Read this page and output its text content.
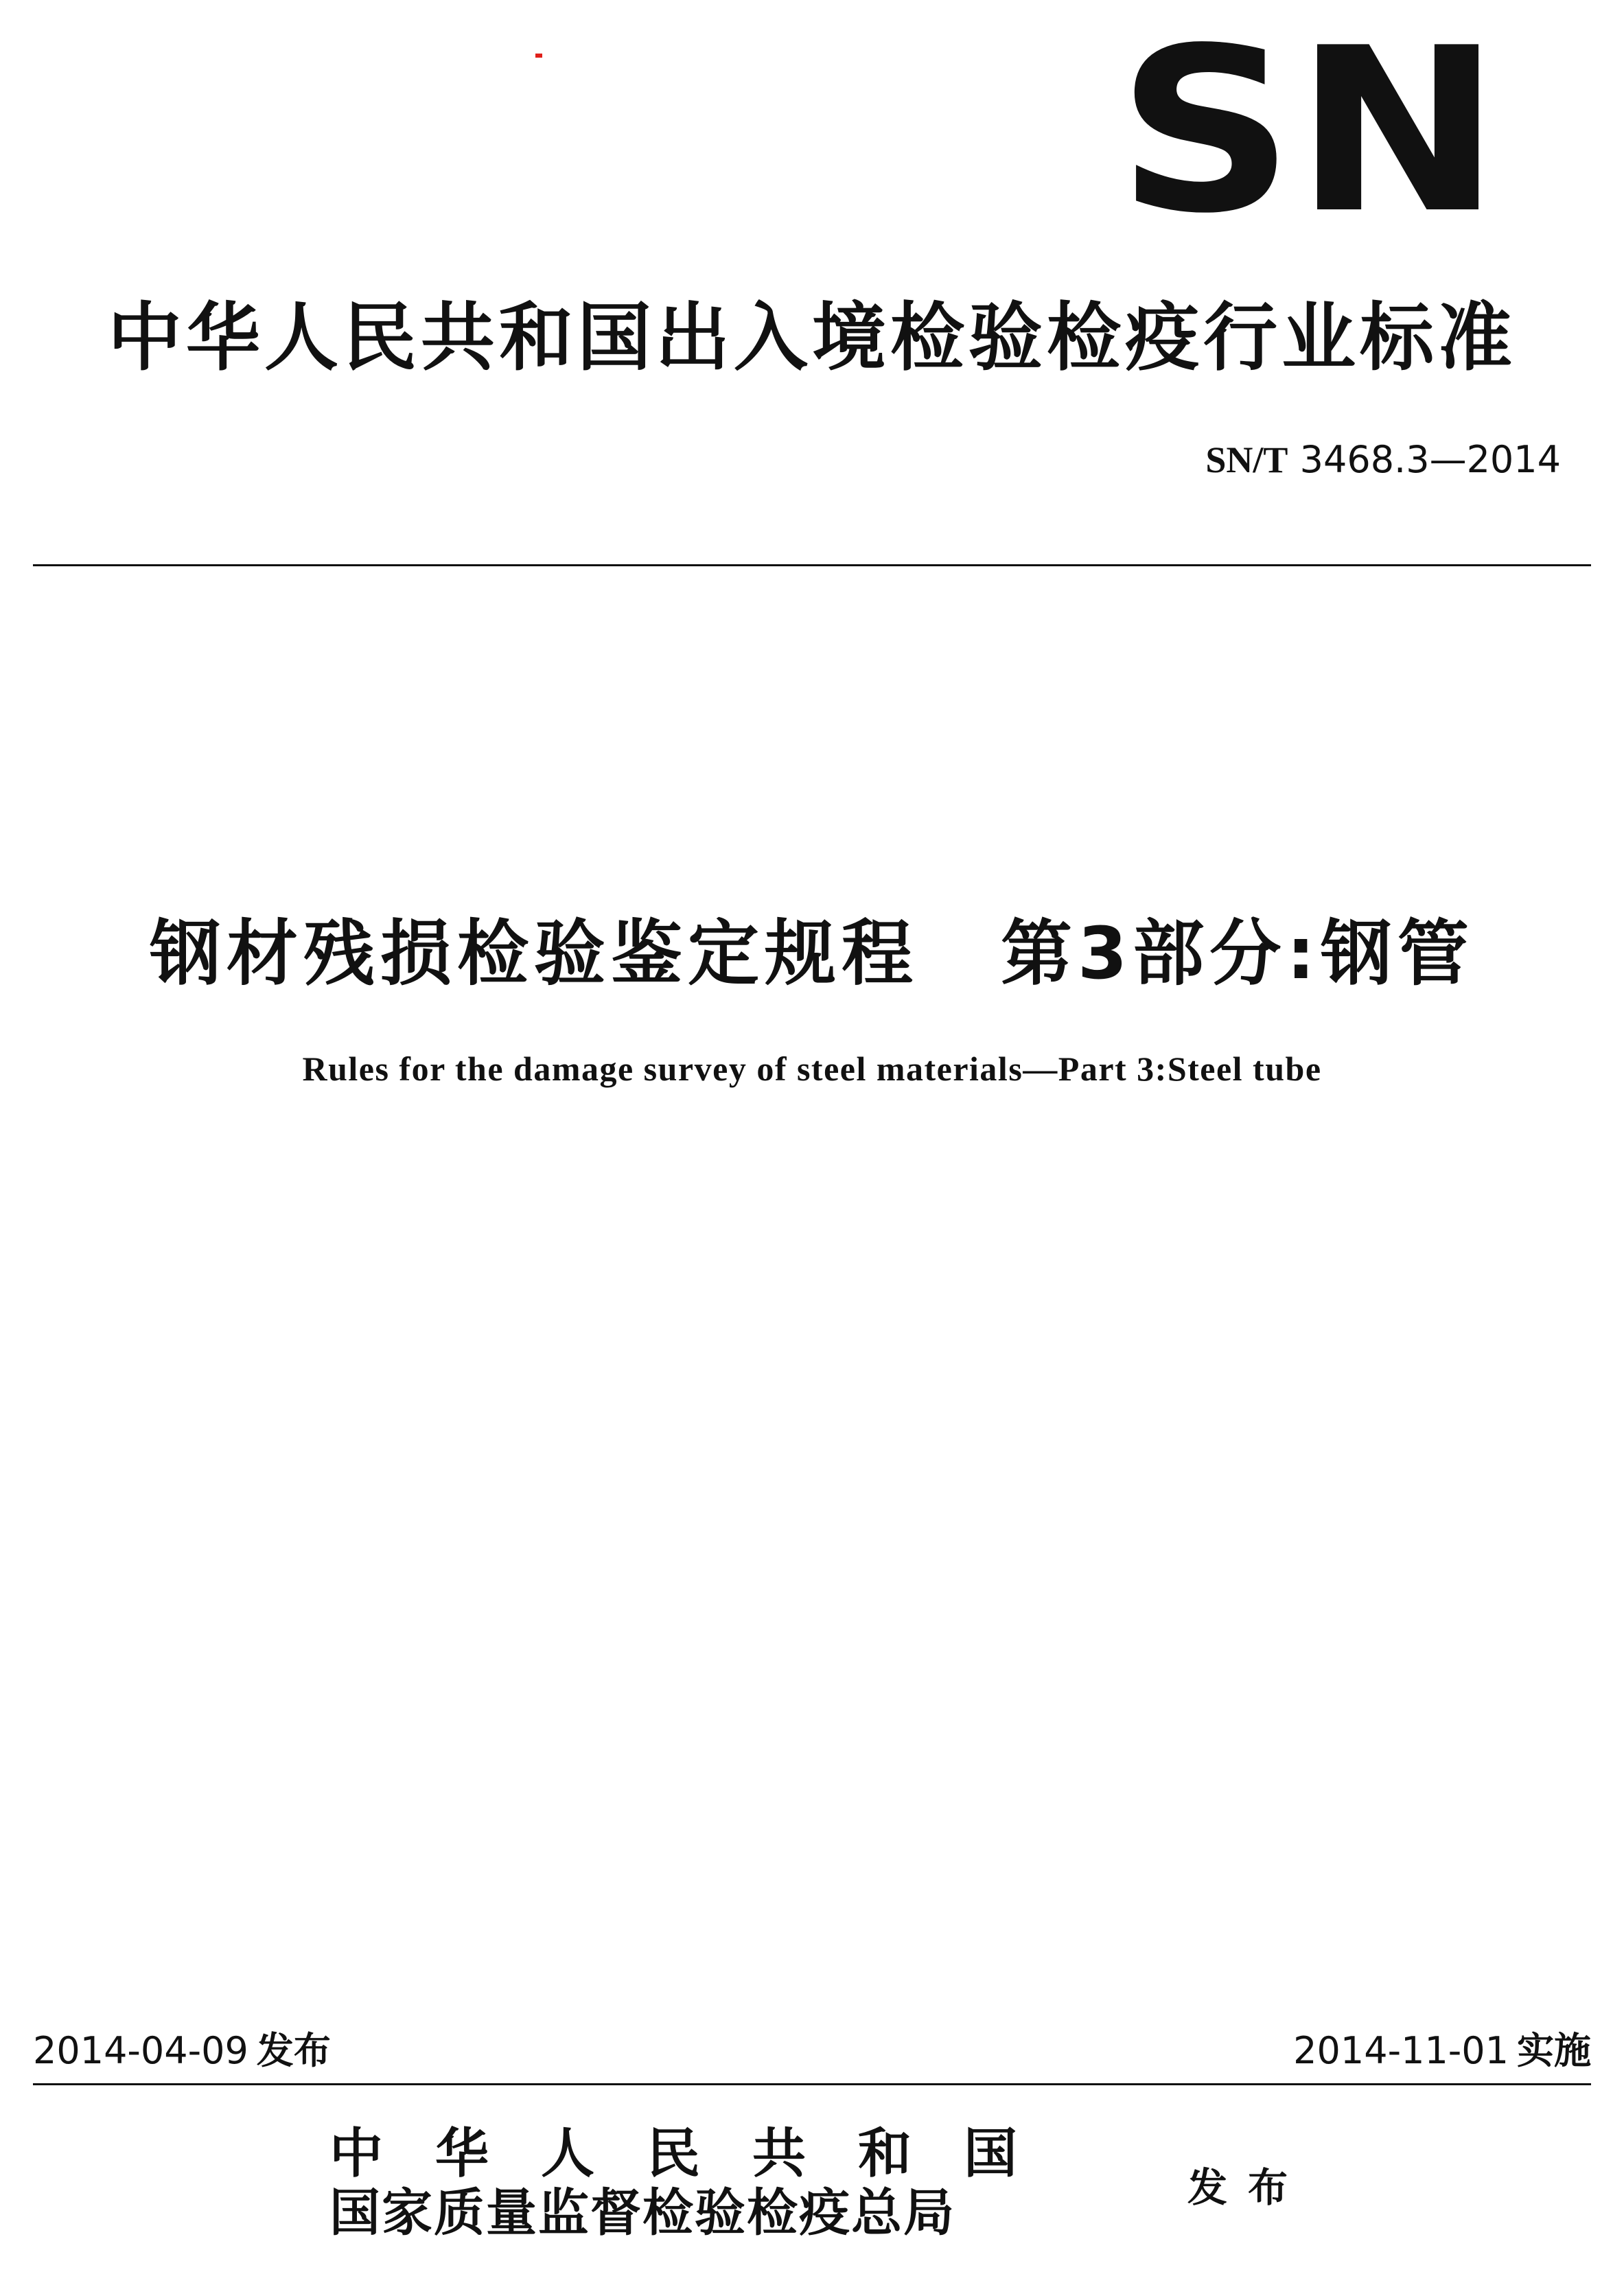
SN
中华人民共和国出入境检验检疫行业标准
SN/T 3468.3—2014
钢材残损检验鉴定规程 第3部分:钢管
Rules for the damage survey of steel materials—Part 3:Steel tube
2014-04-09 发布	2014-11-01 实施
中华人民共和国
国家质量监督检验检疫总局	发布
